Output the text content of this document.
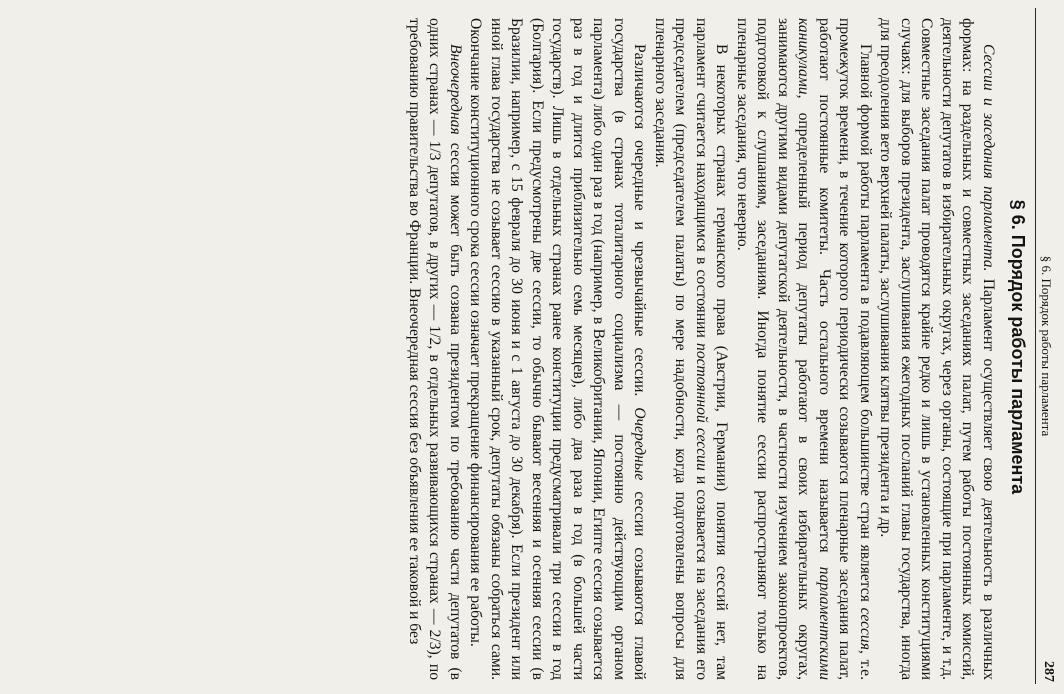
§ 6. Порядок работы парламента
287
§ 6. Порядок работы парламента

Сессии и заседания парламента. Парламент осуществляет свою деятельность в различных формах: на раздельных и совместных заседаниях палат, путем работы постоянных комиссий, деятельности депутатов в избирательных округах, через органы, состоящие при парламенте, и т.д. Совместные заседания палат проводятся крайне редко и лишь в установленных конституциями случаях: для выборов президента, заслушивания ежегодных посланий главы государства, иногда для преодоления вето верхней палаты, заслушивания клятвы президента и др.

Главной формой работы парламента в подавляющем большинстве стран является сессия, т.е. промежуток времени, в течение которого периодически созываются пленарные заседания палат, работают постоянные комитеты. Часть остального времени называется парламентскими каникулами, определенный период депутаты работают в своих избирательных округах, занимаются другими видами депутатской деятельности, в частности изучением законопроектов, подготовкой к слушаниям, заседаниям. Иногда понятие сессии распространяют только на пленарные заседания, что неверно.

В некоторых странах германского права (Австрии, Германии) понятия сессий нет, там парламент считается находящимся в состоянии постоянной сессии и созывается на заседания его председателем (председателем палаты) по мере надобности, когда подготовлены вопросы для пленарного заседания.

Различаются очередные и чрезвычайные сессии. Очередные сессии созываются главой государства (в странах тоталитарного социализма — постоянно действующим органом парламента) либо один раз в год (например, в Великобритании, Японии, Египте сессия созывается раз в год и длится приблизительно семь месяцев), либо два раза в год (в большей части государств). Лишь в отдельных странах ранее конституции предусматривали три сессии в год (Болгария). Если предусмотрены две сессии, то обычно бывают весенняя и осенняя сессии (в Бразилии, например, с 15 февраля до 30 июня и с 1 августа до 30 декабря). Если президент или иной глава государства не созывает сессию в указанный срок, депутаты обязаны собраться сами. Окончание конституционного срока сессии означает прекращение финансирования ее работы.

Внеочередная сессия может быть созвана президентом по требованию части депутатов (в одних странах — 1/3 депутатов, в других — 1/2, в отдельных развивающихся странах — 2/3), по требованию правительства во Франции. Внеочередная сессия без объявления ее таковой и без
